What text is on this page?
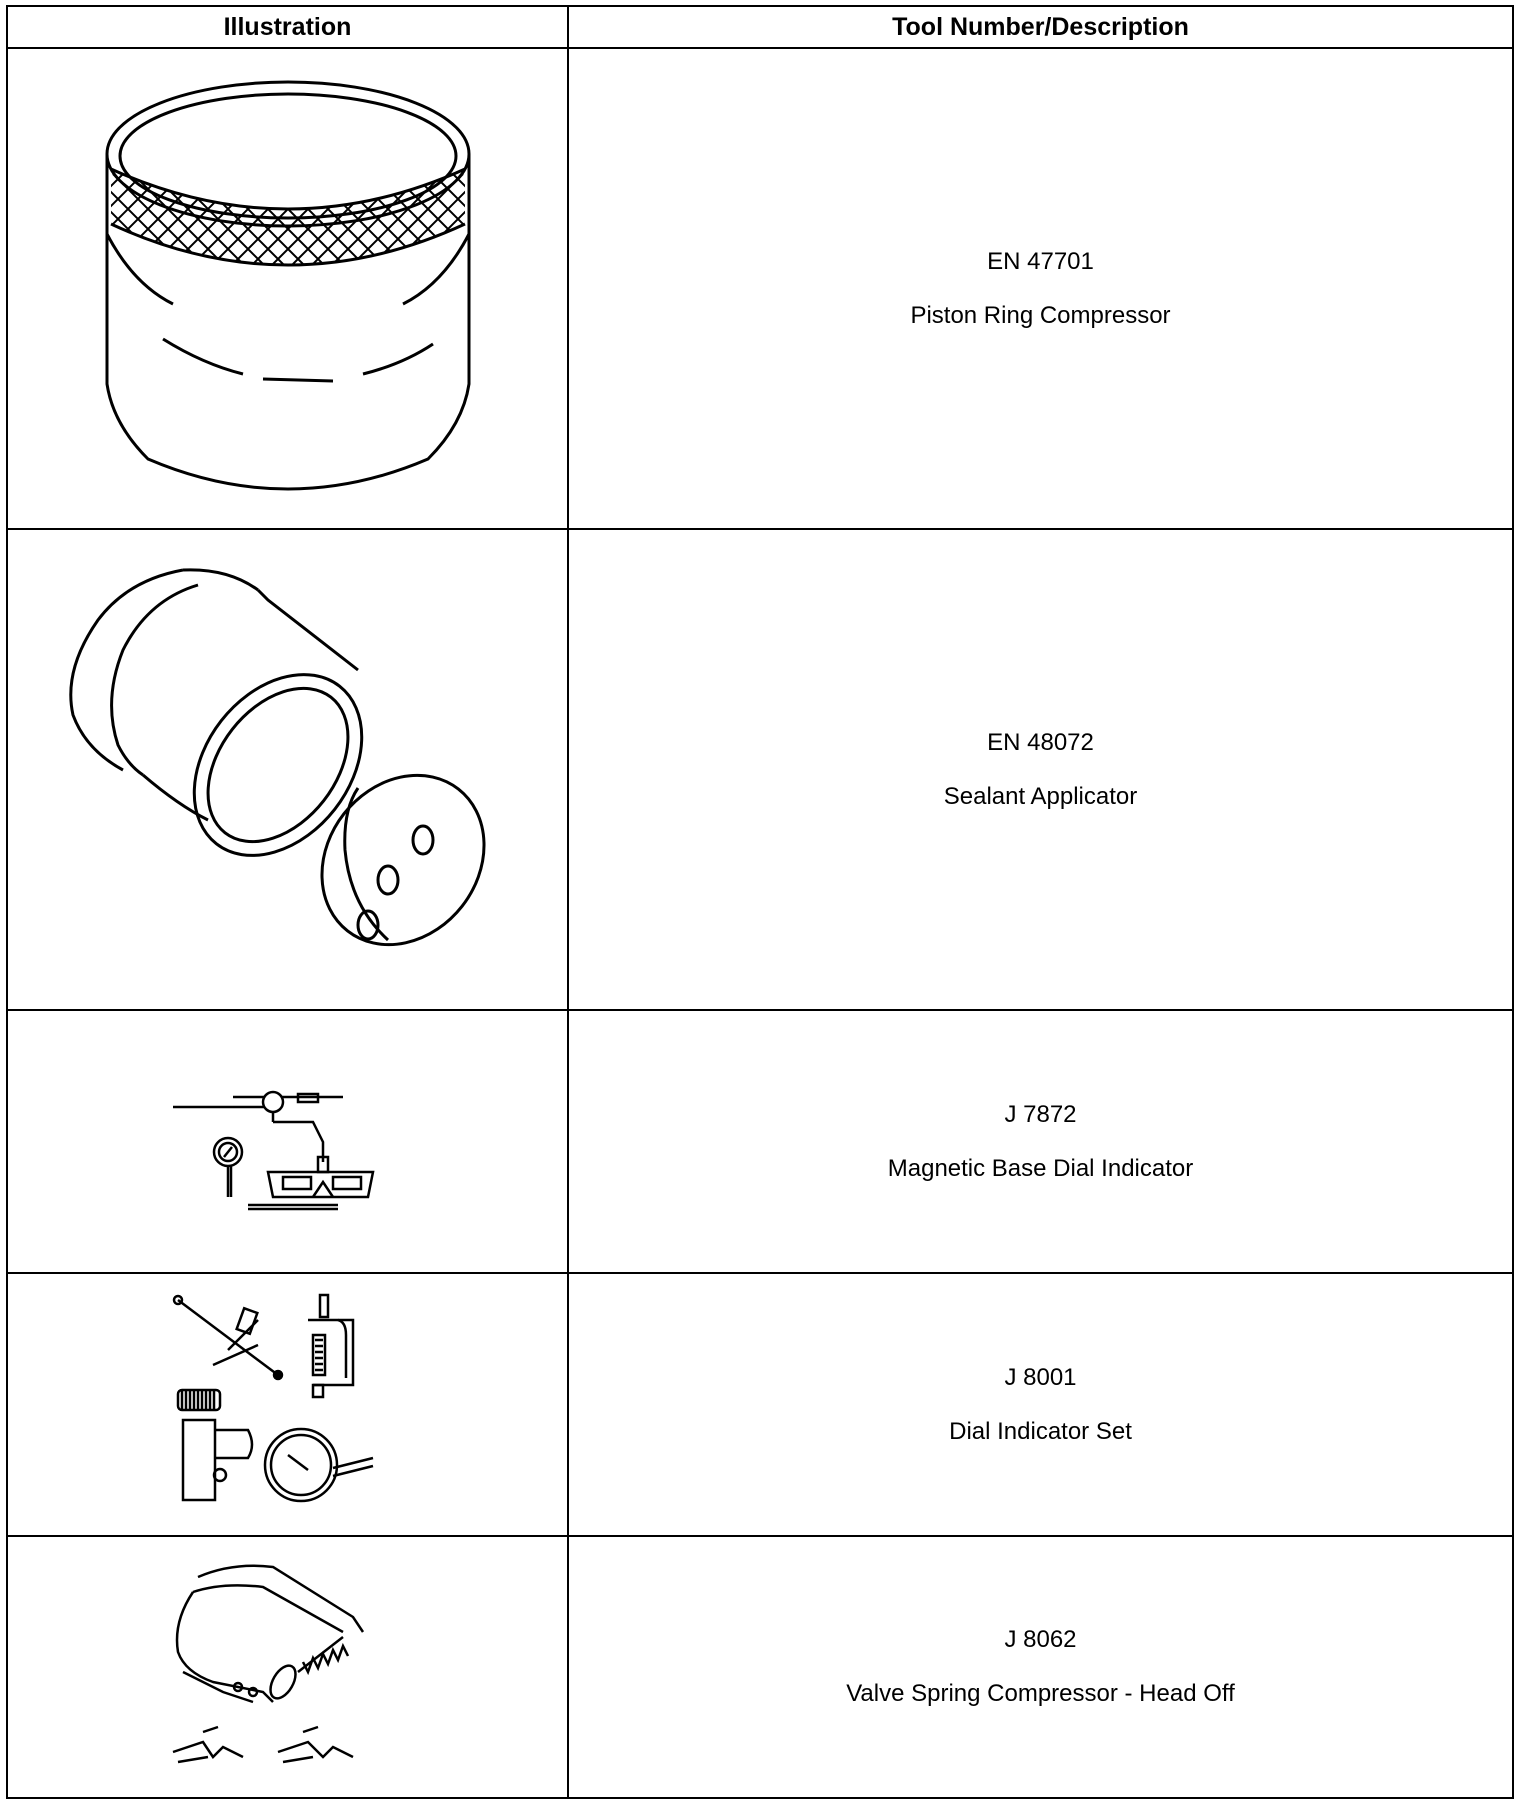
Illustration	Tool Number/Description

EN 47701
Piston Ring Compressor

EN 48072
Sealant Applicator

J 7872
Magnetic Base Dial Indicator

J 8001
Dial Indicator Set

J 8062
Valve Spring Compressor - Head Off
